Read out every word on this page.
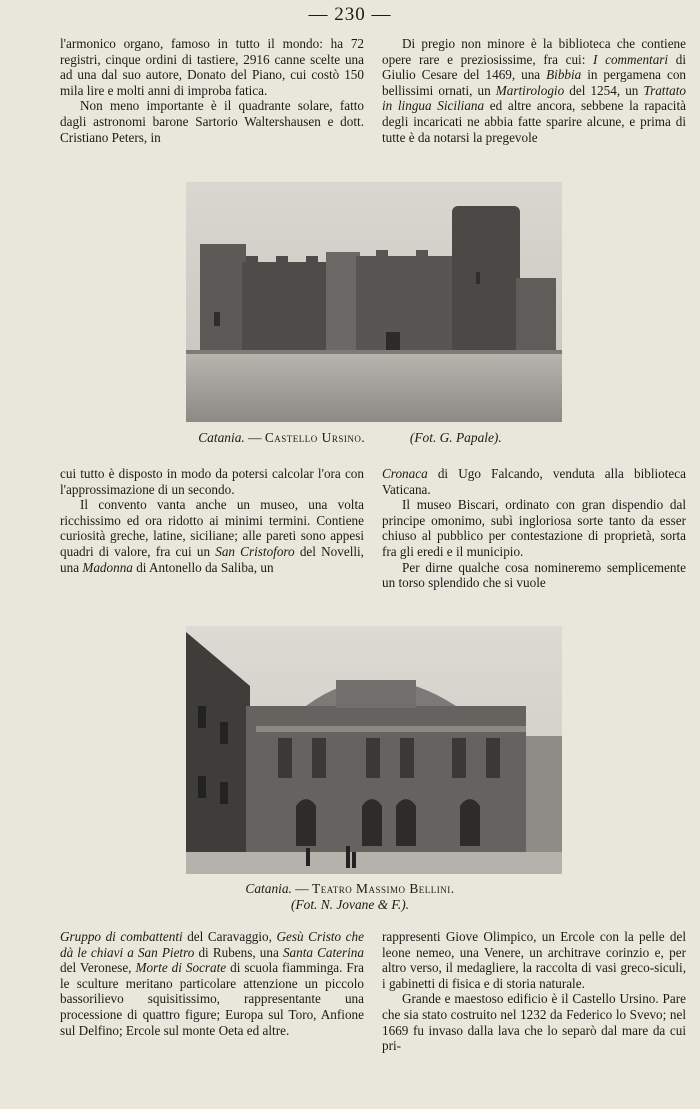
— 230 —

l'armonico organo, famoso in tutto il mondo: ha 72 registri, cinque ordini di tastiere, 2916 canne scelte una ad una dal suo autore, Donato del Piano, cui costò 150 mila lire e molti anni di improba fatica.

Non meno importante è il quadrante solare, fatto dagli astronomi barone Sartorio Waltershausen e dott. Cristiano Peters, in

Di pregio non minore è la biblioteca che contiene opere rare e preziosissime, fra cui: I commentari di Giulio Cesare del 1469, una Bibbia in pergamena con bellissimi ornati, un Martirologio del 1254, un Trattato in lingua Siciliana ed altre ancora, sebbene la rapacità degli incaricati ne abbia fatte sparire alcune, e prima di tutte è da notarsi la pregevole

Catania. — Castello Ursino.	(Fot. G. Papale).

cui tutto è disposto in modo da potersi calcolar l'ora con l'approssimazione di un secondo.

Il convento vanta anche un museo, una volta ricchissimo ed ora ridotto ai minimi termini. Contiene curiosità greche, latine, siciliane; alle pareti sono appesi quadri di valore, fra cui un San Cristoforo del Novelli, una Madonna di Antonello da Saliba, un

Cronaca di Ugo Falcando, venduta alla biblioteca Vaticana.

Il museo Biscari, ordinato con gran dispendio dal principe omonimo, subì ingloriosa sorte tanto da esser chiuso al pubblico per contestazione di proprietà, sorta fra gli eredi e il municipio.

Per dirne qualche cosa nomineremo semplicemente un torso splendido che si vuole

Catania. — Teatro Massimo Bellini.
(Fot. N. Jovane & F.).

Gruppo di combattenti del Caravaggio, Gesù Cristo che dà le chiavi a San Pietro di Rubens, una Santa Caterina del Veronese, Morte di Socrate di scuola fiamminga. Fra le sculture meritano particolare attenzione un piccolo bassorilievo squisitissimo, rappresentante una processione di quattro figure; Europa sul Toro, Anfione sul Delfino; Ercole sul monte Oeta ed altre.

rappresenti Giove Olimpico, un Ercole con la pelle del leone nemeo, una Venere, un architrave corinzio e, per altro verso, il medagliere, la raccolta di vasi greco-siculi, i gabinetti di fisica e di storia naturale.

Grande e maestoso edificio è il Castello Ursino. Pare che sia stato costruito nel 1232 da Federico lo Svevo; nel 1669 fu invaso dalla lava che lo separò dal mare da cui pri-
